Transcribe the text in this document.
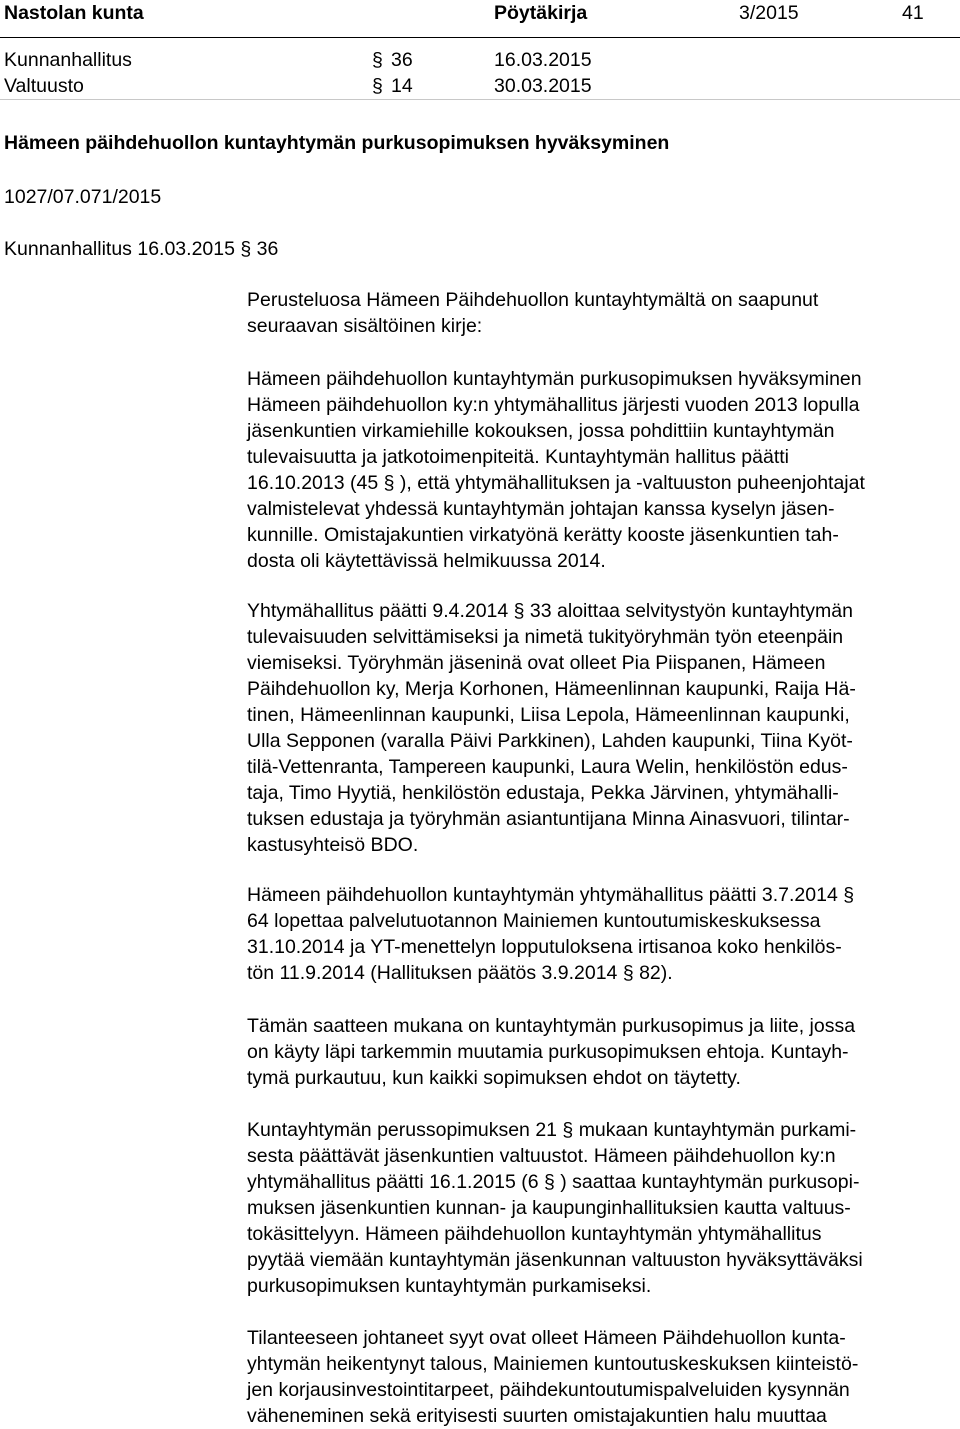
Nastolan kunta	Pöytäkirja	3/2015	41
Kunnanhallitus	§ 36	16.03.2015
Valtuusto	§ 14	30.03.2015
Hämeen päihdehuollon kuntayhtymän purkusopimuksen hyväksyminen
1027/07.071/2015
Kunnanhallitus 16.03.2015 § 36
Perusteluosa Hämeen Päihdehuollon kuntayhtymältä on saapunut
seuraavan sisältöinen kirje:
Hämeen päihdehuollon kuntayhtymän purkusopimuksen hyväksyminen
Hämeen päihdehuollon ky:n yhtymähallitus järjesti vuoden 2013 lopulla
jäsenkuntien virkamiehille kokouksen, jossa pohdittiin kuntayhtymän
tulevaisuutta ja jatkotoimenpiteitä. Kuntayhtymän hallitus päätti
16.10.2013 (45 § ), että yhtymähallituksen ja -valtuuston puheenjohtajat
valmistelevat yhdessä kuntayhtymän johtajan kanssa kyselyn jäsen-
kunnille. Omistajakuntien virkatyönä kerätty kooste jäsenkuntien tah-
dosta oli käytettävissä helmikuussa 2014.
Yhtymähallitus päätti 9.4.2014 § 33 aloittaa selvitystyön kuntayhtymän
tulevaisuuden selvittämiseksi ja nimetä tukityöryhmän työn eteenpäin
viemiseksi. Työryhmän jäseninä ovat olleet Pia Piispanen, Hämeen
Päihdehuollon ky, Merja Korhonen, Hämeenlinnan kaupunki, Raija Hä-
tinen, Hämeenlinnan kaupunki, Liisa Lepola, Hämeenlinnan kaupunki,
Ulla Sepponen (varalla Päivi Parkkinen), Lahden kaupunki, Tiina Kyöt-
tilä-Vettenranta, Tampereen kaupunki, Laura Welin, henkilöstön edus-
taja, Timo Hyytiä, henkilöstön edustaja, Pekka Järvinen, yhtymähalli-
tuksen edustaja ja työryhmän asiantuntijana Minna Ainasvuori, tilintar-
kastusyhteisö BDO.
Hämeen päihdehuollon kuntayhtymän yhtymähallitus päätti 3.7.2014 §
64 lopettaa palvelutuotannon Mainiemen kuntoutumiskeskuksessa
31.10.2014 ja YT-menettelyn lopputuloksena irtisanoa koko henkilös-
tön 11.9.2014 (Hallituksen päätös 3.9.2014 § 82).
Tämän saatteen mukana on kuntayhtymän purkusopimus ja liite, jossa
on käyty läpi tarkemmin muutamia purkusopimuksen ehtoja. Kuntayh-
tymä purkautuu, kun kaikki sopimuksen ehdot on täytetty.
Kuntayhtymän perussopimuksen 21 § mukaan kuntayhtymän purkami-
sesta päättävät jäsenkuntien valtuustot. Hämeen päihdehuollon ky:n
yhtymähallitus päätti 16.1.2015 (6 § ) saattaa kuntayhtymän purkusopi-
muksen jäsenkuntien kunnan- ja kaupunginhallituksien kautta valtuus-
tokäsittelyyn. Hämeen päihdehuollon kuntayhtymän yhtymähallitus
pyytää viemään kuntayhtymän jäsenkunnan valtuuston hyväksyttäväksi
purkusopimuksen kuntayhtymän purkamiseksi.
Tilanteeseen johtaneet syyt ovat olleet Hämeen Päihdehuollon kunta-
yhtymän heikentynyt talous, Mainiemen kuntoutuskeskuksen kiinteistö-
jen korjausinvestointitarpeet, päihdekuntoutumispalveluiden kysynnän
väheneminen sekä erityisesti suurten omistajakuntien halu muuttaa
